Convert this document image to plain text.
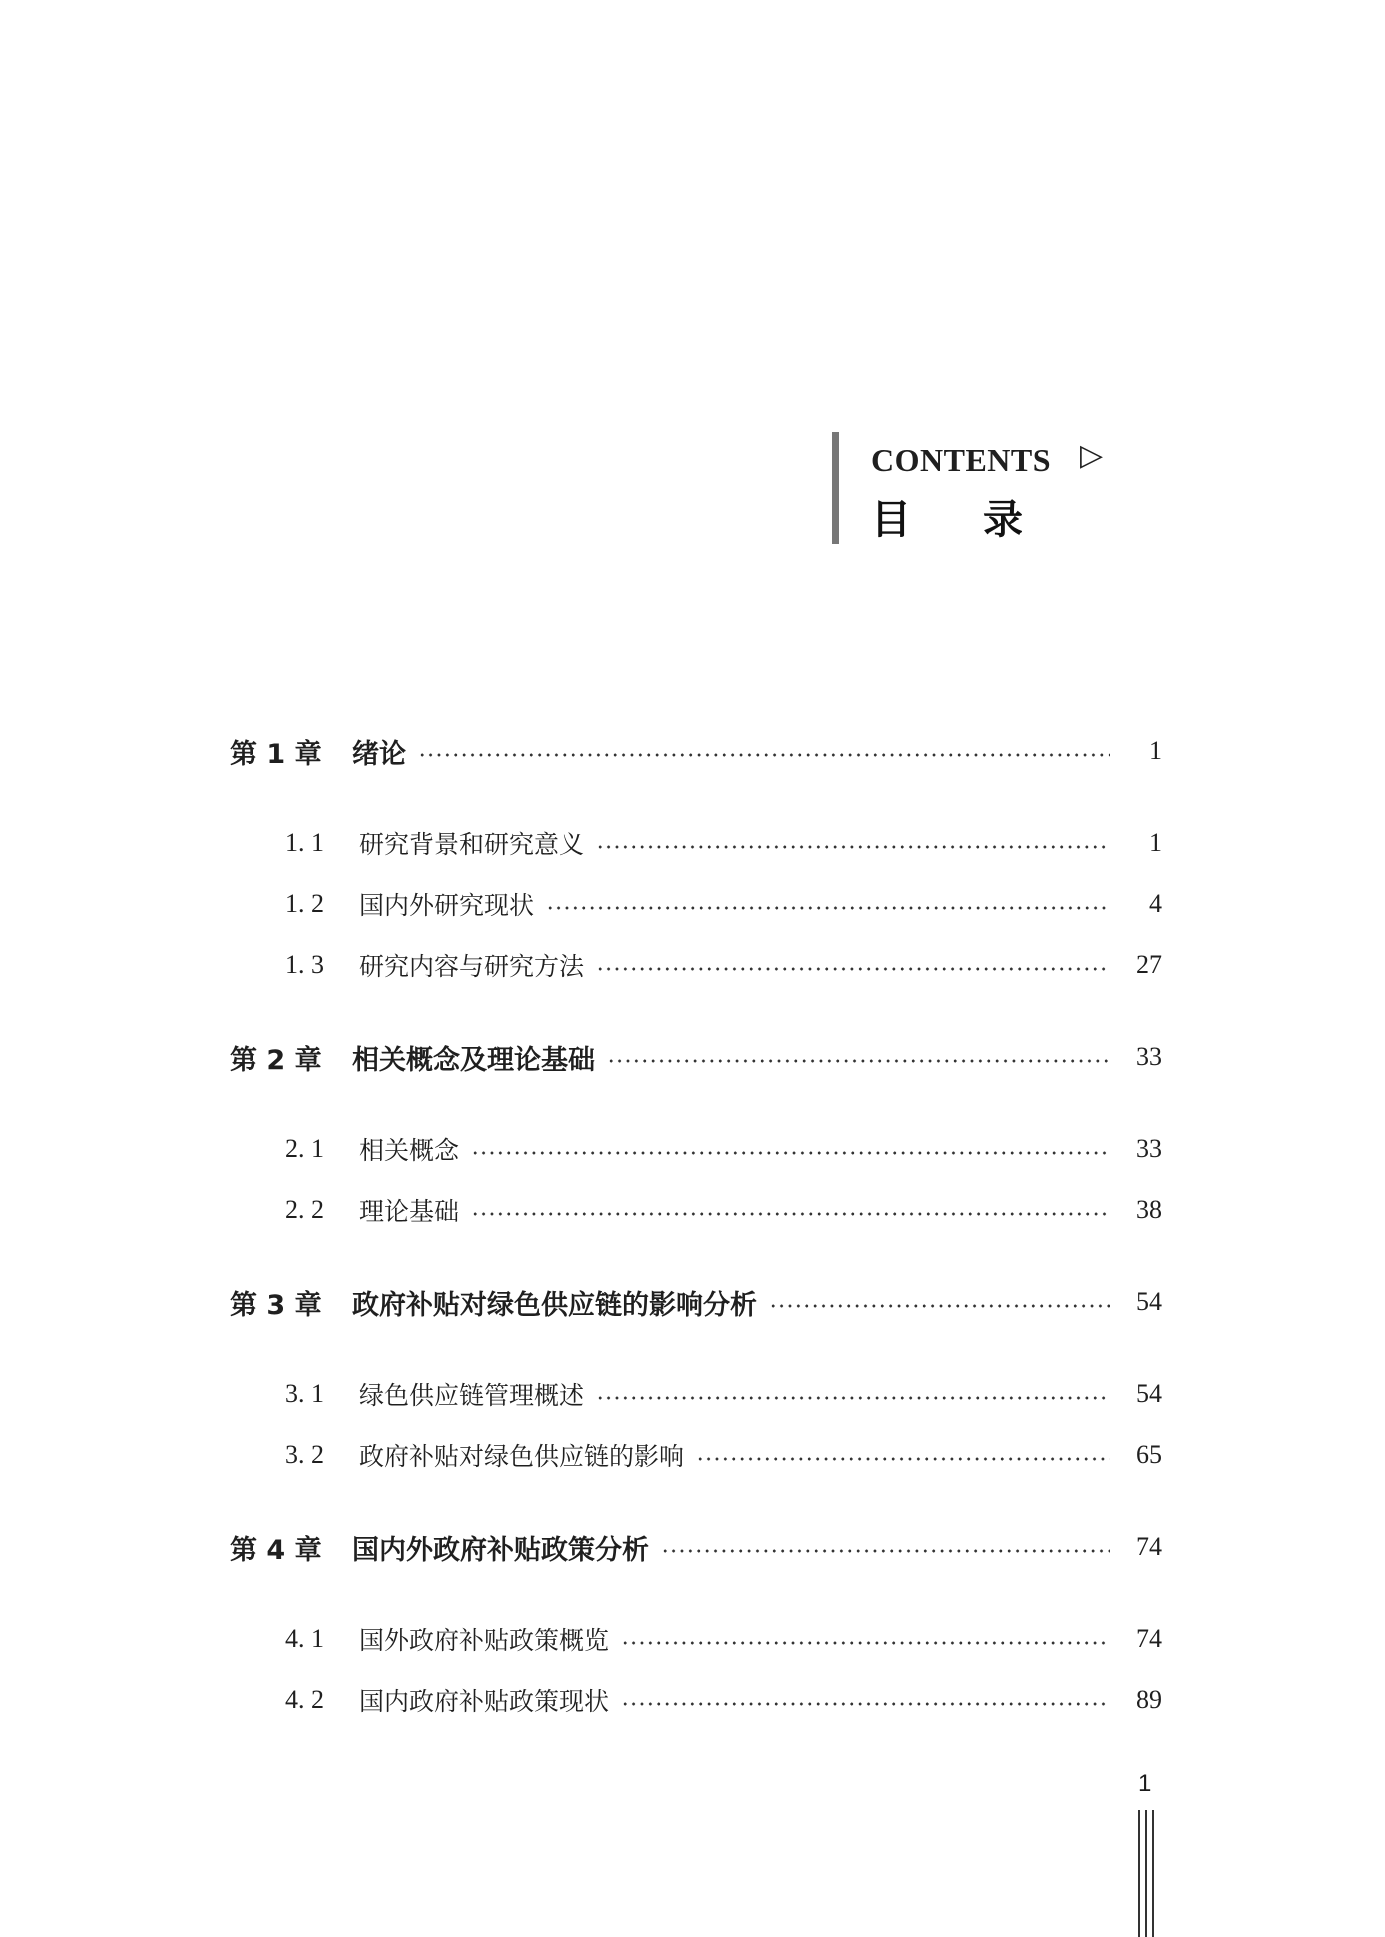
CONTENTS ▷
目录
第 1 章	绪论	1
1. 1	研究背景和研究意义	1
1. 2	国内外研究现状	4
1. 3	研究内容与研究方法	27
第 2 章	相关概念及理论基础	33
2. 1	相关概念	33
2. 2	理论基础	38
第 3 章	政府补贴对绿色供应链的影响分析	54
3. 1	绿色供应链管理概述	54
3. 2	政府补贴对绿色供应链的影响	65
第 4 章	国内外政府补贴政策分析	74
4. 1	国外政府补贴政策概览	74
4. 2	国内政府补贴政策现状	89
1
